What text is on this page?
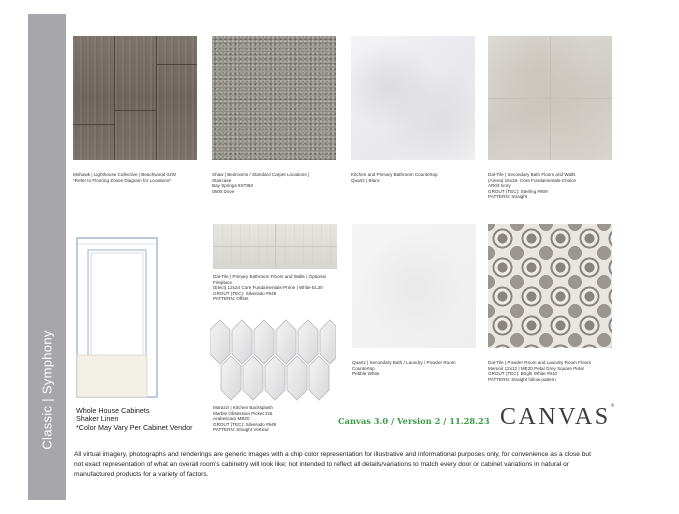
Classic | Symphony
Mohawk | Lighthouse Collective | Beachwood 02W
*Refer to Flooring Zones Diagram for Locations*
Shaw | Bedrooms / Standard Carpet Locations |
Staircase
Bay Springs 8ST8M
0500 Dove
Kitchen and Primary Bathroom Countertop
Quartz | Blanc
Dal-Tile | Secondary Bath Floors and Walls
(Arena) 15x15- Core Fundamentals-Choice
AR04 Ivory
GROUT (TEC): Sterling #909
PATTERN: Straight
Whole House Cabinets
Shaker Linen
*Color May Vary Per Cabinet Vendor
Dal-Tile | Primary Bathroom Floors and Walls / Optional
Fireplace
(Elect) 12x24 Core Fundamentals-Prime | White EL30
GROUT (TEC): Silverado #949
PATTERN: Offset
Marazzi | Kitchen Backsplash
Marble Obsession Picket 2x5
Arabescato MB20
GROUT (TEC): Silverado #949
PATTERN: Straight Vertical
Quartz | Secondary Bath / Laundry / Powder Room
Countertop
Pebble White
Dal-Tile | Powder Room and Laundry Room Floors
Memoir 12x12 | ME20 Petal Grey Square Petal
GROUT (TEC): Bright White #910
PATTERN: Straight follow pattern
Canvas 3.0 / Version 2 / 11.28.23 CANVAS®
All virtual imagery, photographs and renderings are generic images with a chip color representation for illustrative and informational purposes only, for convenience as a close but not exact representation of what an overall room's cabinetry will look like; not intended to reflect all details/variations to match every door or cabinet variations in natural or manufactured products for a variety of factors.
